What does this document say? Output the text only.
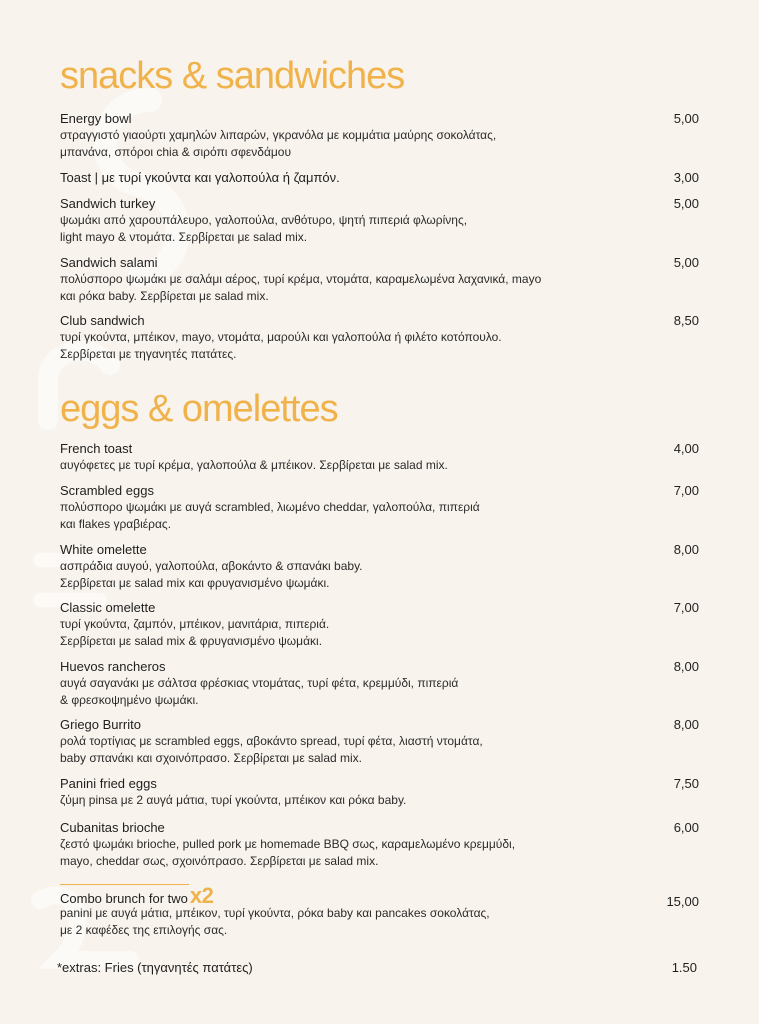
snacks & sandwiches
Energy bowl
στραγγιστό γιαούρτι χαμηλών λιπαρών, γκρανόλα με κομμάτια μαύρης σοκολάτας,
μπανάνα, σπόροι chia & σιρόπι σφενδάμου
5,00
Toast | με τυρί γκούντα και γαλοπούλα ή ζαμπόν.	3,00
Sandwich turkey
ψωμάκι από χαρουπάλευρο, γαλοπούλα, ανθότυρο, ψητή πιπεριά φλωρίνης,
light mayo & ντομάτα. Σερβίρεται με salad mix.
5,00
Sandwich salami
πολύσπορο ψωμάκι με σαλάμι αέρος, τυρί κρέμα, ντομάτα, καραμελωμένα λαχανικά, mayo
και ρόκα baby. Σερβίρεται με salad mix.
5,00
Club sandwich
τυρί γκούντα, μπέικον, mayo, ντομάτα, μαρούλι και γαλοπούλα ή φιλέτο κοτόπουλο.
Σερβίρεται με τηγανητές πατάτες.
8,50
eggs & omelettes
French toast
αυγόφετες με τυρί κρέμα, γαλοπούλα & μπέικον. Σερβίρεται με salad mix.
4,00
Scrambled eggs
πολύσπορο ψωμάκι με αυγά scrambled, λιωμένο cheddar, γαλοπούλα, πιπεριά
και flakes γραβιέρας.
7,00
White omelette
ασπράδια αυγού, γαλοπούλα, αβοκάντο & σπανάκι baby.
Σερβίρεται με salad mix και φρυγανισμένο ψωμάκι.
8,00
Classic omelette
τυρί γκούντα, ζαμπόν, μπέικον, μανιτάρια, πιπεριά.
Σερβίρεται με salad mix & φρυγανισμένο ψωμάκι.
7,00
Huevos rancheros
αυγά σαγανάκι με σάλτσα φρέσκιας ντομάτας, τυρί φέτα, κρεμμύδι, πιπεριά
& φρεσκοψημένο ψωμάκι.
8,00
Griego Burrito
ρολά τορτίγιας με scrambled eggs, αβοκάντο spread, τυρί φέτα, λιαστή ντομάτα,
baby σπανάκι και σχοινόπρασο. Σερβίρεται με salad mix.
8,00
Panini fried eggs
ζύμη pinsa με 2 αυγά μάτια, τυρί γκούντα, μπέικον και ρόκα baby.
7,50
Cubanitas brioche
ζεστό ψωμάκι brioche, pulled pork με homemade BBQ σως, καραμελωμένο κρεμμύδι,
mayo, cheddar σως, σχοινόπρασο. Σερβίρεται με salad mix.
6,00
Combo brunch for twox2
panini με αυγά μάτια, μπέικον, τυρί γκούντα, ρόκα baby και pancakes σοκολάτας,
με 2 καφέδες της επιλογής σας.
15,00
*extras: Fries (τηγανητές πατάτες)	1.50
